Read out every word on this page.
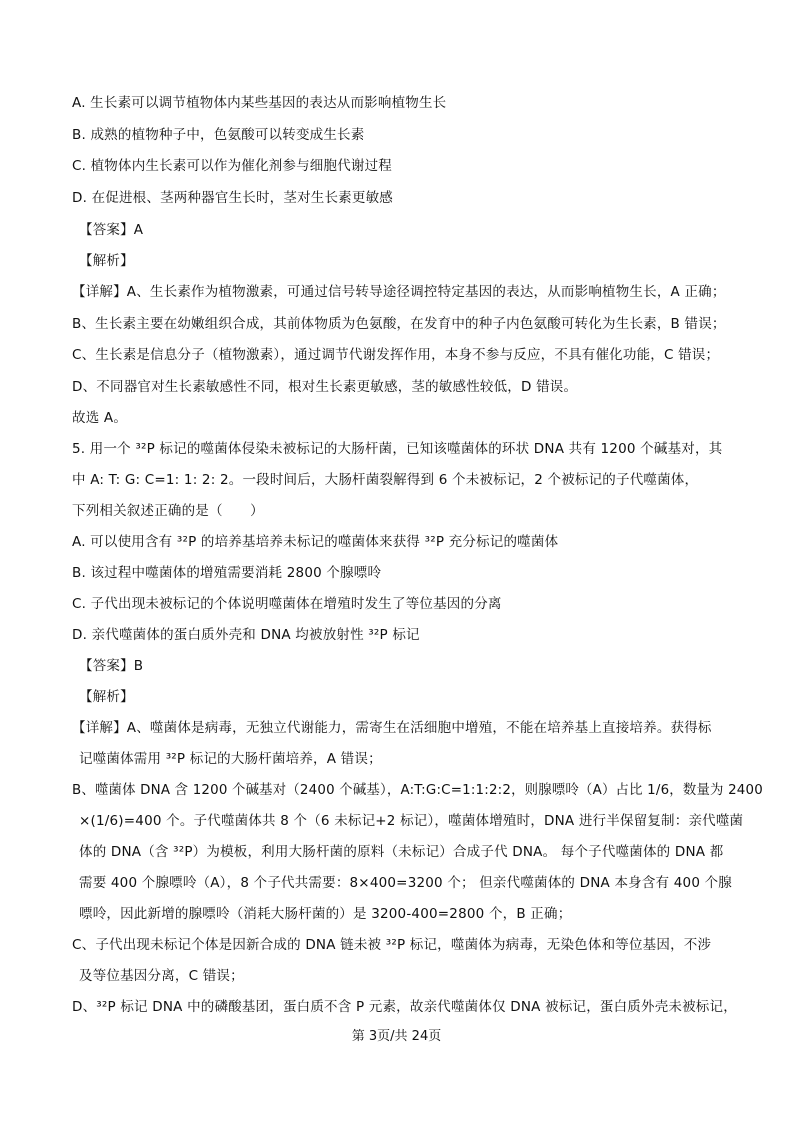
A. 生长素可以调节植物体内某些基因的表达从而影响植物生长
B. 成熟的植物种子中，色氨酸可以转变成生长素
C. 植物体内生长素可以作为催化剂参与细胞代谢过程
D. 在促进根、茎两种器官生长时，茎对生长素更敏感
【答案】A
【解析】
【详解】A、生长素作为植物激素，可通过信号转导途径调控特定基因的表达，从而影响植物生长，A 正确；
B、生长素主要在幼嫩组织合成，其前体物质为色氨酸，在发育中的种子内色氨酸可转化为生长素，B 错误；
C、生长素是信息分子（植物激素），通过调节代谢发挥作用，本身不参与反应，不具有催化功能，C 错误；
D、不同器官对生长素敏感性不同，根对生长素更敏感，茎的敏感性较低，D 错误。
故选 A。
5. 用一个 ³²P 标记的噬菌体侵染未被标记的大肠杆菌，已知该噬菌体的环状 DNA 共有 1200 个碱基对，其
中 A: T: G: C=1: 1: 2: 2。一段时间后，大肠杆菌裂解得到 6 个未被标记，2 个被标记的子代噬菌体，
下列相关叙述正确的是（　　）
A. 可以使用含有 ³²P 的培养基培养未标记的噬菌体来获得 ³²P 充分标记的噬菌体
B. 该过程中噬菌体的增殖需要消耗 2800 个腺嘌呤
C. 子代出现未被标记的个体说明噬菌体在增殖时发生了等位基因的分离
D. 亲代噬菌体的蛋白质外壳和 DNA 均被放射性 ³²P 标记
【答案】B
【解析】
【详解】A、噬菌体是病毒，无独立代谢能力，需寄生在活细胞中增殖，不能在培养基上直接培养。获得标
记噬菌体需用 ³²P 标记的大肠杆菌培养，A 错误；
B、噬菌体 DNA 含 1200 个碱基对（2400 个碱基），A:T:G:C=1:1:2:2，则腺嘌呤（A）占比 1/6，数量为 2400
×(1/6)=400 个。子代噬菌体共 8 个（6 未标记+2 标记），噬菌体增殖时，DNA 进行半保留复制：亲代噬菌
体的 DNA（含 ³²P）为模板，利用大肠杆菌的原料（未标记）合成子代 DNA。 每个子代噬菌体的 DNA 都
需要 400 个腺嘌呤（A），8 个子代共需要：8×400=3200 个； 但亲代噬菌体的 DNA 本身含有 400 个腺
嘌呤，因此新增的腺嘌呤（消耗大肠杆菌的）是 3200-400=2800 个，B 正确；
C、子代出现未标记个体是因新合成的 DNA 链未被 ³²P 标记，噬菌体为病毒，无染色体和等位基因，不涉
及等位基因分离，C 错误；
D、³²P 标记 DNA 中的磷酸基团，蛋白质不含 P 元素，故亲代噬菌体仅 DNA 被标记，蛋白质外壳未被标记，
第 3页/共 24页
